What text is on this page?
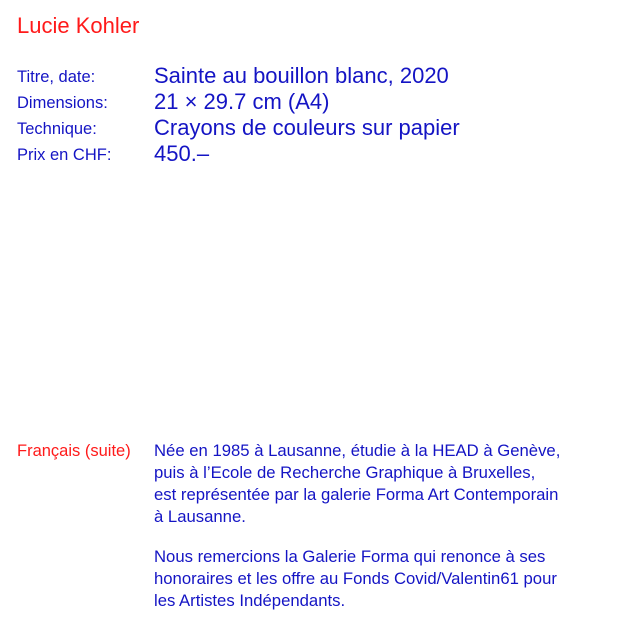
Lucie Kohler
Titre, date:	Sainte au bouillon blanc, 2020
Dimensions: 21 × 29.7 cm (A4)
Technique:	Crayons de couleurs sur papier
Prix en CHF: 450.–
Français (suite) Née en 1985 à Lausanne, étudie à la HEAD à Genève,
puis à l’Ecole de Recherche Graphique à Bruxelles,
est représentée par la galerie Forma Art Contemporain
à Lausanne.

Nous remercions la Galerie Forma qui renonce à ses
honoraires et les offre au Fonds Covid/Valentin61 pour
les Artistes Indépendants.
